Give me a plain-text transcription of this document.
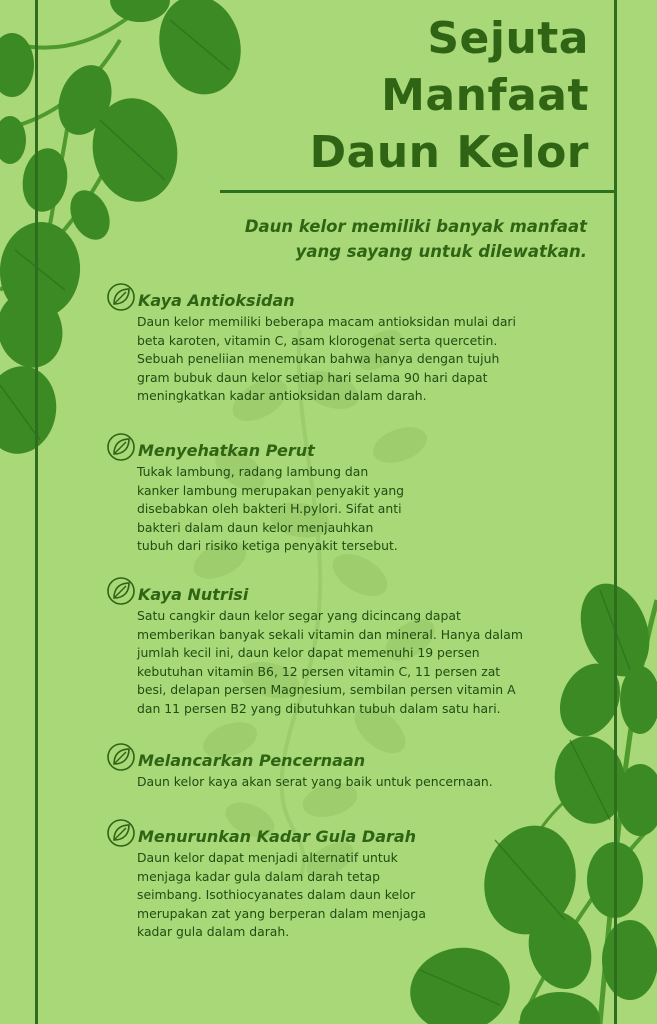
Sejuta
Manfaat
Daun Kelor
Daun kelor memiliki banyak manfaat
yang sayang untuk dilewatkan.
Kaya Antioksidan
Daun kelor memiliki beberapa macam antioksidan mulai dari
beta karoten, vitamin C, asam klorogenat serta quercetin.
Sebuah peneliian menemukan bahwa hanya dengan tujuh
gram bubuk daun kelor setiap hari selama 90 hari dapat
meningkatkan kadar antioksidan dalam darah.
Menyehatkan Perut
Tukak lambung, radang lambung dan
kanker lambung merupakan penyakit yang
disebabkan oleh bakteri H.pylori. Sifat anti
bakteri dalam daun kelor menjauhkan
tubuh dari risiko ketiga penyakit tersebut.
Kaya Nutrisi
Satu cangkir daun kelor segar yang dicincang dapat
memberikan banyak sekali vitamin dan mineral. Hanya dalam
jumlah kecil ini, daun kelor dapat memenuhi 19 persen
kebutuhan vitamin B6, 12 persen vitamin C, 11 persen zat
besi, delapan persen Magnesium, sembilan persen vitamin A
dan 11 persen B2 yang dibutuhkan tubuh dalam satu hari.
Melancarkan Pencernaan
Daun kelor kaya akan serat yang baik untuk pencernaan.
Menurunkan Kadar Gula Darah
Daun kelor dapat menjadi alternatif untuk
menjaga kadar gula dalam darah tetap
seimbang. Isothiocyanates dalam daun kelor
merupakan zat yang berperan dalam menjaga
kadar gula dalam darah.
